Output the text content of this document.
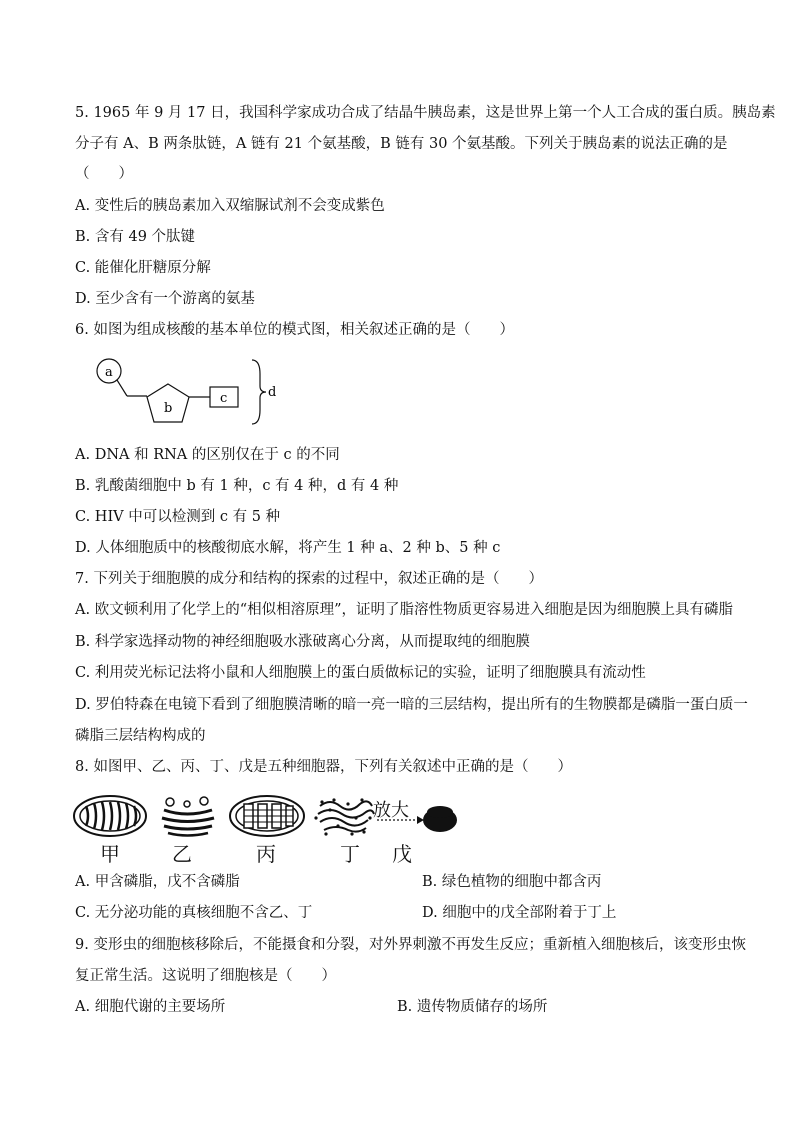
5. 1965 年 9 月 17 日，我国科学家成功合成了结晶牛胰岛素，这是世界上第一个人工合成的蛋白质。胰岛素
分子有 A、B 两条肽链，A 链有 21 个氨基酸，B 链有 30 个氨基酸。下列关于胰岛素的说法正确的是
（　　）
A. 变性后的胰岛素加入双缩脲试剂不会变成紫色
B. 含有 49 个肽键
C. 能催化肝糖原分解
D. 至少含有一个游离的氨基
6. 如图为组成核酸的基本单位的模式图，相关叙述正确的是（　　）
a
b
c	d
A. DNA 和 RNA 的区别仅在于 c 的不同
B. 乳酸菌细胞中 b 有 1 种，c 有 4 种，d 有 4 种
C. HIV 中可以检测到 c 有 5 种
D. 人体细胞质中的核酸彻底水解，将产生 1 种 a、2 种 b、5 种 c
7. 下列关于细胞膜的成分和结构的探索的过程中，叙述正确的是（　　）
A. 欧文顿利用了化学上的“相似相溶原理”，证明了脂溶性物质更容易进入细胞是因为细胞膜上具有磷脂
B. 科学家选择动物的神经细胞吸水涨破离心分离，从而提取纯的细胞膜
C. 利用荧光标记法将小鼠和人细胞膜上的蛋白质做标记的实验，证明了细胞膜具有流动性
D. 罗伯特森在电镜下看到了细胞膜清晰的暗一亮一暗的三层结构，提出所有的生物膜都是磷脂一蛋白质一
磷脂三层结构构成的
8. 如图甲、乙、丙、丁、戊是五种细胞器，下列有关叙述中正确的是（　　）
放大
甲	乙	丙	丁 戊
A. 甲含磷脂，戊不含磷脂	B. 绿色植物的细胞中都含丙
C. 无分泌功能的真核细胞不含乙、丁	D. 细胞中的戊全部附着于丁上
9. 变形虫的细胞核移除后，不能摄食和分裂，对外界刺激不再发生反应；重新植入细胞核后，该变形虫恢
复正常生活。这说明了细胞核是（　　）
A. 细胞代谢的主要场所	B. 遗传物质储存的场所
